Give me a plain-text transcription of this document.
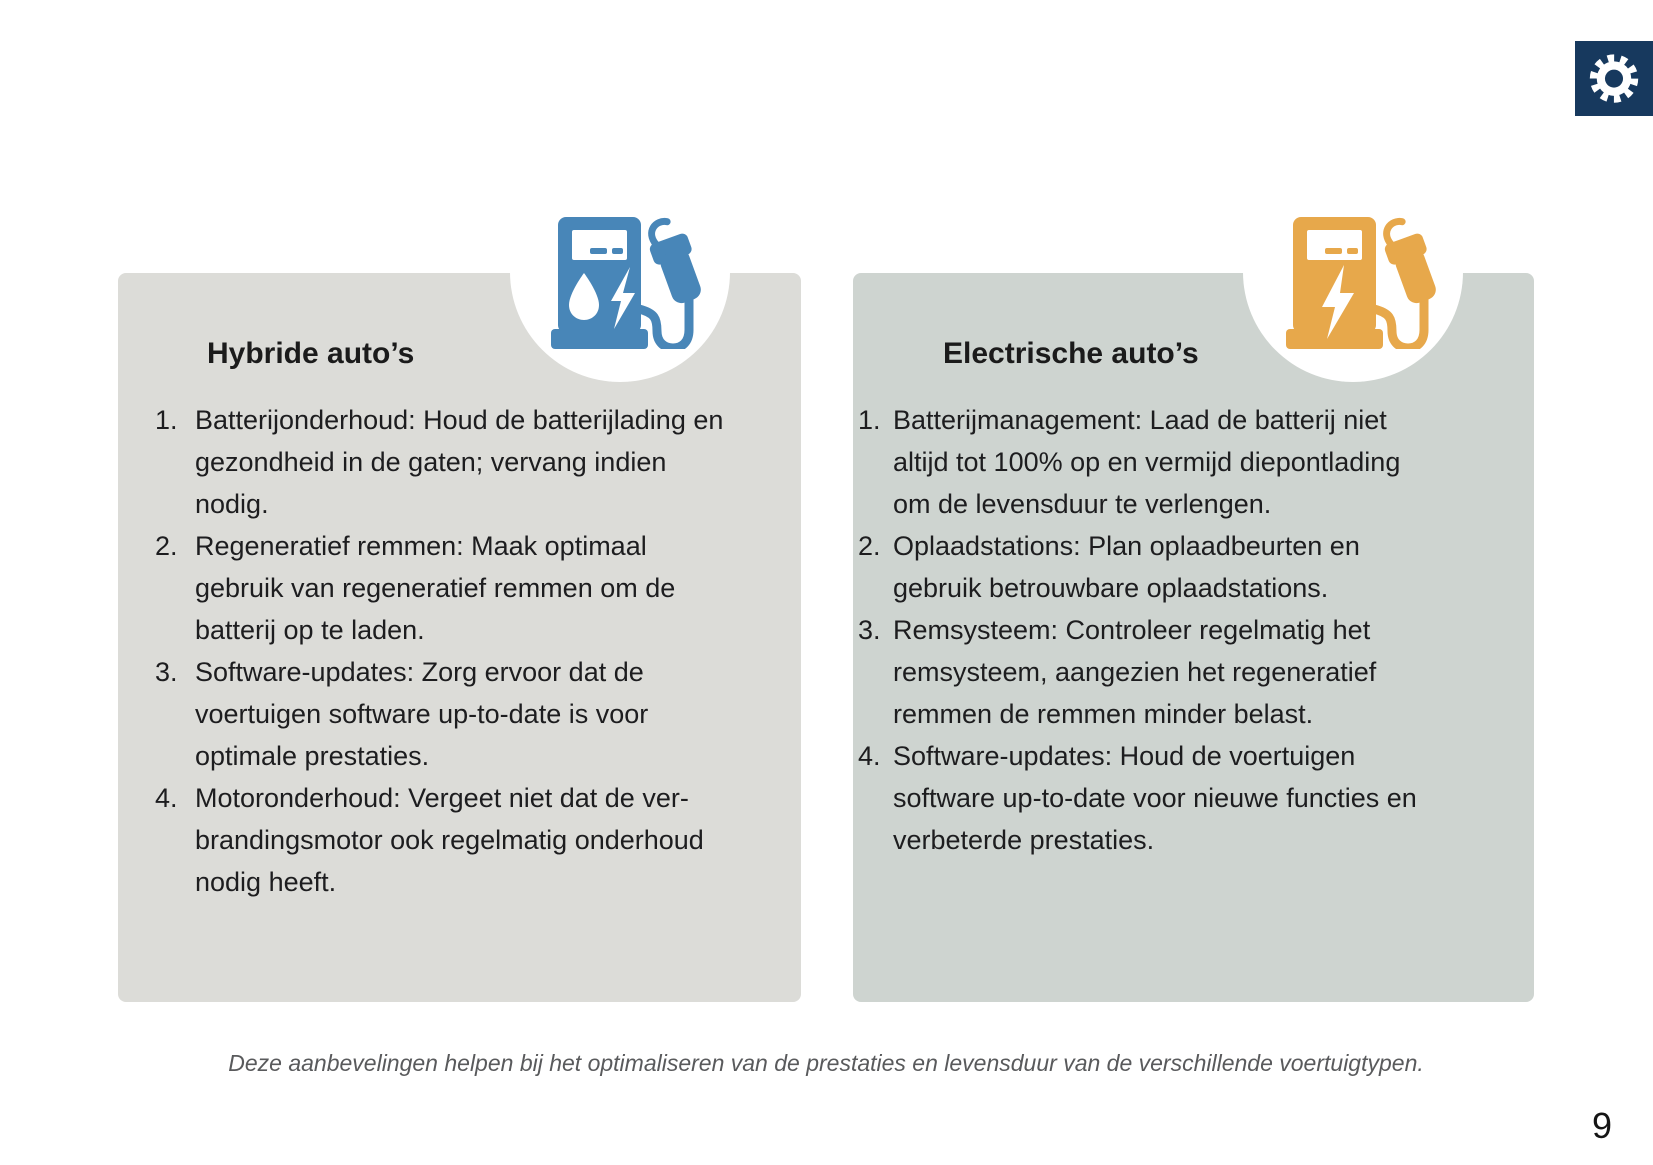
Hybride auto’s	Electrische auto’s
1. Batterijonderhoud: Houd de batterijlading en gezondheid in de gaten; vervang indien nodig.
2. Regeneratief remmen: Maak optimaal gebruik van regeneratief remmen om de batterij op te laden.
3. Software-updates: Zorg ervoor dat de voertuigen software up-to-date is voor optimale prestaties.
4. Motoronderhoud: Vergeet niet dat de verbrandingsmotor ook regelmatig onderhoud nodig heeft.
1. Batterijmanagement: Laad de batterij niet altijd tot 100% op en vermijd diepontlading om de levensduur te verlengen.
2. Oplaadstations: Plan oplaadbeurten en gebruik betrouwbare oplaadstations.
3. Remsysteem: Controleer regelmatig het remsysteem, aangezien het regeneratief remmen de remmen minder belast.
4. Software-updates: Houd de voertuigen software up-to-date voor nieuwe functies en verbeterde prestaties.
Deze aanbevelingen helpen bij het optimaliseren van de prestaties en levensduur van de verschillende voertuigtypen.
9
